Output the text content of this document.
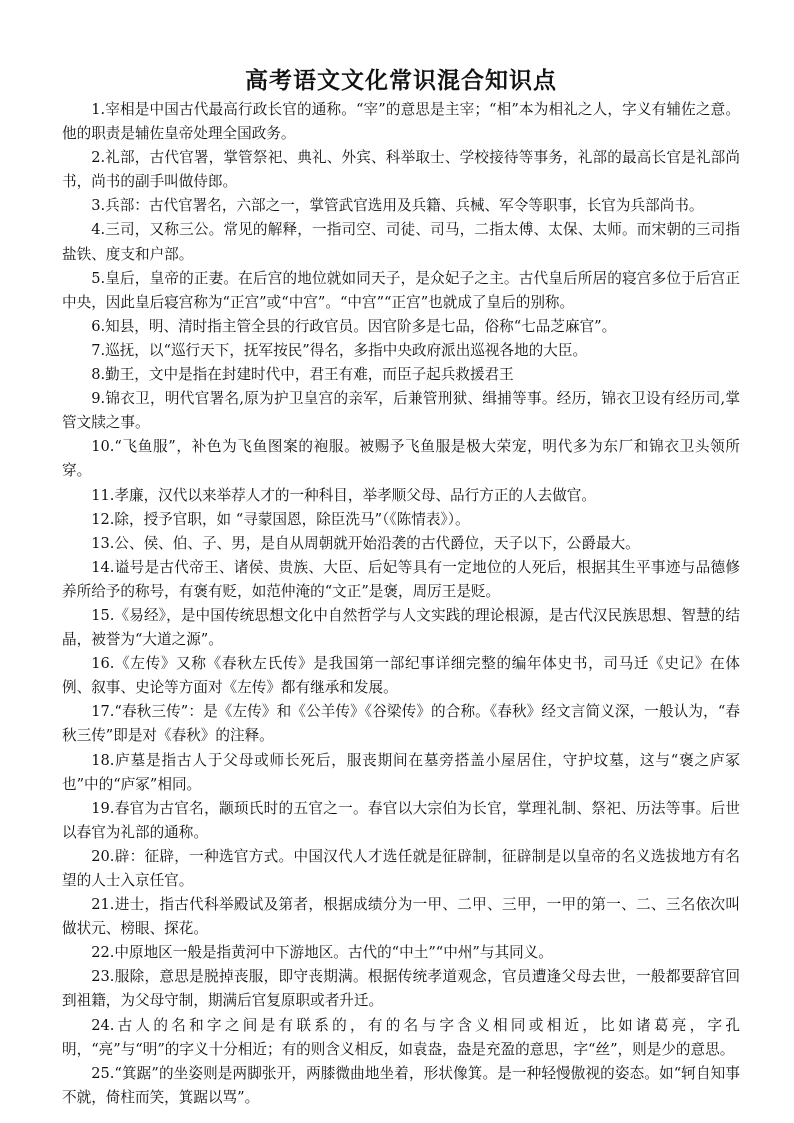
高考语文文化常识混合知识点

1.宰相是中国古代最高行政长官的通称。“宰”的意思是主宰；“相”本为相礼之人，字义有辅佐之意。他的职责是辅佐皇帝处理全国政务。

2.礼部，古代官署，掌管祭祀、典礼、外宾、科举取士、学校接待等事务，礼部的最高长官是礼部尚书，尚书的副手叫做侍郎。

3.兵部：古代官署名，六部之一，掌管武官选用及兵籍、兵械、军令等职事，长官为兵部尚书。

4.三司，又称三公。常见的解释，一指司空、司徒、司马，二指太傅、太保、太师。而宋朝的三司指盐铁、度支和户部。

5.皇后，皇帝的正妻。在后宫的地位就如同天子，是众妃子之主。古代皇后所居的寝宫多位于后宫正中央，因此皇后寝宫称为“正宫”或“中宫”。“中宫”“正宫”也就成了皇后的别称。

6.知县，明、清时指主管全县的行政官员。因官阶多是七品，俗称“七品芝麻官”。

7.巡抚，以“巡行天下，抚军按民”得名，多指中央政府派出巡视各地的大臣。

8.勤王，文中是指在封建时代中，君王有难，而臣子起兵救援君王

9.锦衣卫，明代官署名,原为护卫皇宫的亲军，后兼管刑狱、缉捕等事。经历，锦衣卫设有经历司,掌管文牍之事。

10.“飞鱼服”，补色为飞鱼图案的袍服。被赐予飞鱼服是极大荣宠，明代多为东厂和锦衣卫头领所穿。

11.孝廉，汉代以来举荐人才的一种科目，举孝顺父母、品行方正的人去做官。

12.除，授予官职，如 “寻蒙国恩，除臣洗马”（《陈情表》）。

13.公、侯、伯、子、男，是自从周朝就开始沿袭的古代爵位，天子以下，公爵最大。

14.谥号是古代帝王、诸侯、贵族、大臣、后妃等具有一定地位的人死后，根据其生平事迹与品德修养所给予的称号，有褒有贬，如范仲淹的“文正”是褒，周厉王是贬。

15.《易经》，是中国传统思想文化中自然哲学与人文实践的理论根源，是古代汉民族思想、智慧的结晶，被誉为“大道之源”。

16.《左传》又称《春秋左氏传》是我国第一部纪事详细完整的编年体史书，司马迁《史记》在体例、叙事、史论等方面对《左传》都有继承和发展。

17.“春秋三传”：是《左传》和《公羊传》《谷梁传》的合称。《春秋》经文言简义深，一般认为，“春秋三传”即是对《春秋》的注释。

18.庐墓是指古人于父母或师长死后，服丧期间在墓旁搭盖小屋居住，守护坟墓，这与“褒之庐冢也”中的“庐冢”相同。

19.春官为古官名，颛顼氏时的五官之一。春官以大宗伯为长官，掌理礼制、祭祀、历法等事。后世以春官为礼部的通称。

20.辟：征辟，一种选官方式。中国汉代人才选任就是征辟制，征辟制是以皇帝的名义选拔地方有名望的人士入京任官。

21.进士，指古代科举殿试及第者，根据成绩分为一甲、二甲、三甲，一甲的第一、二、三名依次叫做状元、榜眼、探花。

22.中原地区一般是指黄河中下游地区。古代的“中土”“中州”与其同义。

23.服除，意思是脱掉丧服，即守丧期满。根据传统孝道观念，官员遭逢父母去世，一般都要辞官回到祖籍，为父母守制，期满后官复原职或者升迁。

24.古人的名和字之间是有联系的，有的名与字含义相同或相近，比如诸葛亮，字孔明，“亮”与“明”的字义十分相近；有的则含义相反，如袁盎，盎是充盈的意思，字“丝”，则是少的意思。

25.“箕踞”的坐姿则是两脚张开，两膝微曲地坐着，形状像箕。是一种轻慢傲视的姿态。如“轲自知事不就，倚柱而笑，箕踞以骂”。
